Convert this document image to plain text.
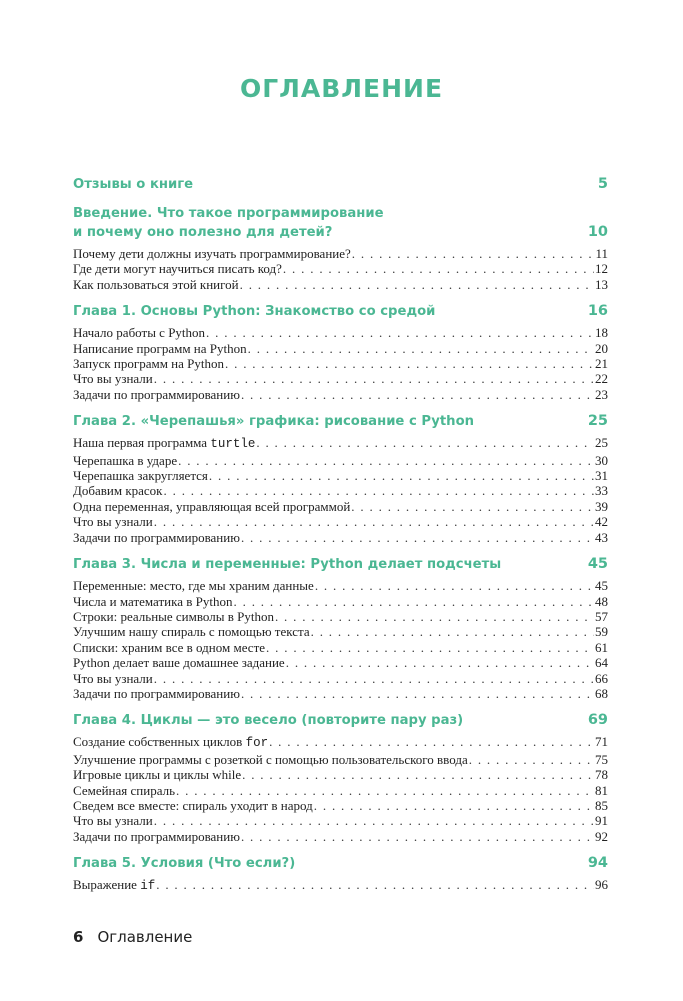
ОГЛАВЛЕНИЕ
Отзывы о книге	5
Введение. Что такое программирование
и почему оно полезно для детей?	10
Почему дети должны изучать программирование? . . .	11
Где дети могут научиться писать код? . . .	12
Как пользоваться этой книгой . . .	13
Глава 1. Основы Python: Знакомство со средой	16
Начало работы с Python . . .	18
Написание программ на Python . . .	20
Запуск программ на Python . . .	21
Что вы узнали . . .	22
Задачи по программированию . . .	23
Глава 2. «Черепашья» графика: рисование с Python	25
Наша первая программа turtle . . .	25
Черепашка в ударе . . .	30
Черепашка закругляется . . .	31
Добавим красок . . .	33
Одна переменная, управляющая всей программой . . .	39
Что вы узнали . . .	42
Задачи по программированию . . .	43
Глава 3. Числа и переменные: Python делает подсчеты	45
Переменные: место, где мы храним данные . . .	45
Числа и математика в Python . . .	48
Строки: реальные символы в Python . . .	57
Улучшим нашу спираль с помощью текста . . .	59
Списки: храним все в одном месте . . .	61
Python делает ваше домашнее задание . . .	64
Что вы узнали . . .	66
Задачи по программированию . . .	68
Глава 4. Циклы — это весело (повторите пару раз)	69
Создание собственных циклов for . . .	71
Улучшение программы с розеткой с помощью пользовательского ввода . . .	75
Игровые циклы и циклы while . . .	78
Семейная спираль . . .	81
Сведем все вместе: спираль уходит в народ . . .	85
Что вы узнали . . .	91
Задачи по программированию . . .	92
Глава 5. Условия (Что если?)	94
Выражение if . . .	96
6 Оглавление
